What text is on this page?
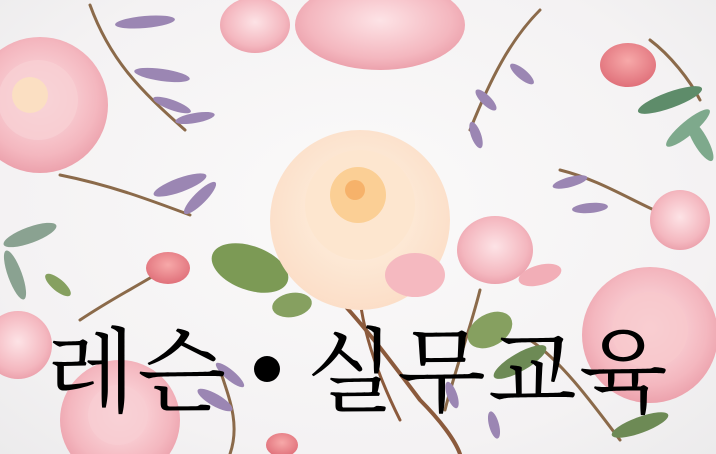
레슨 실무교육
